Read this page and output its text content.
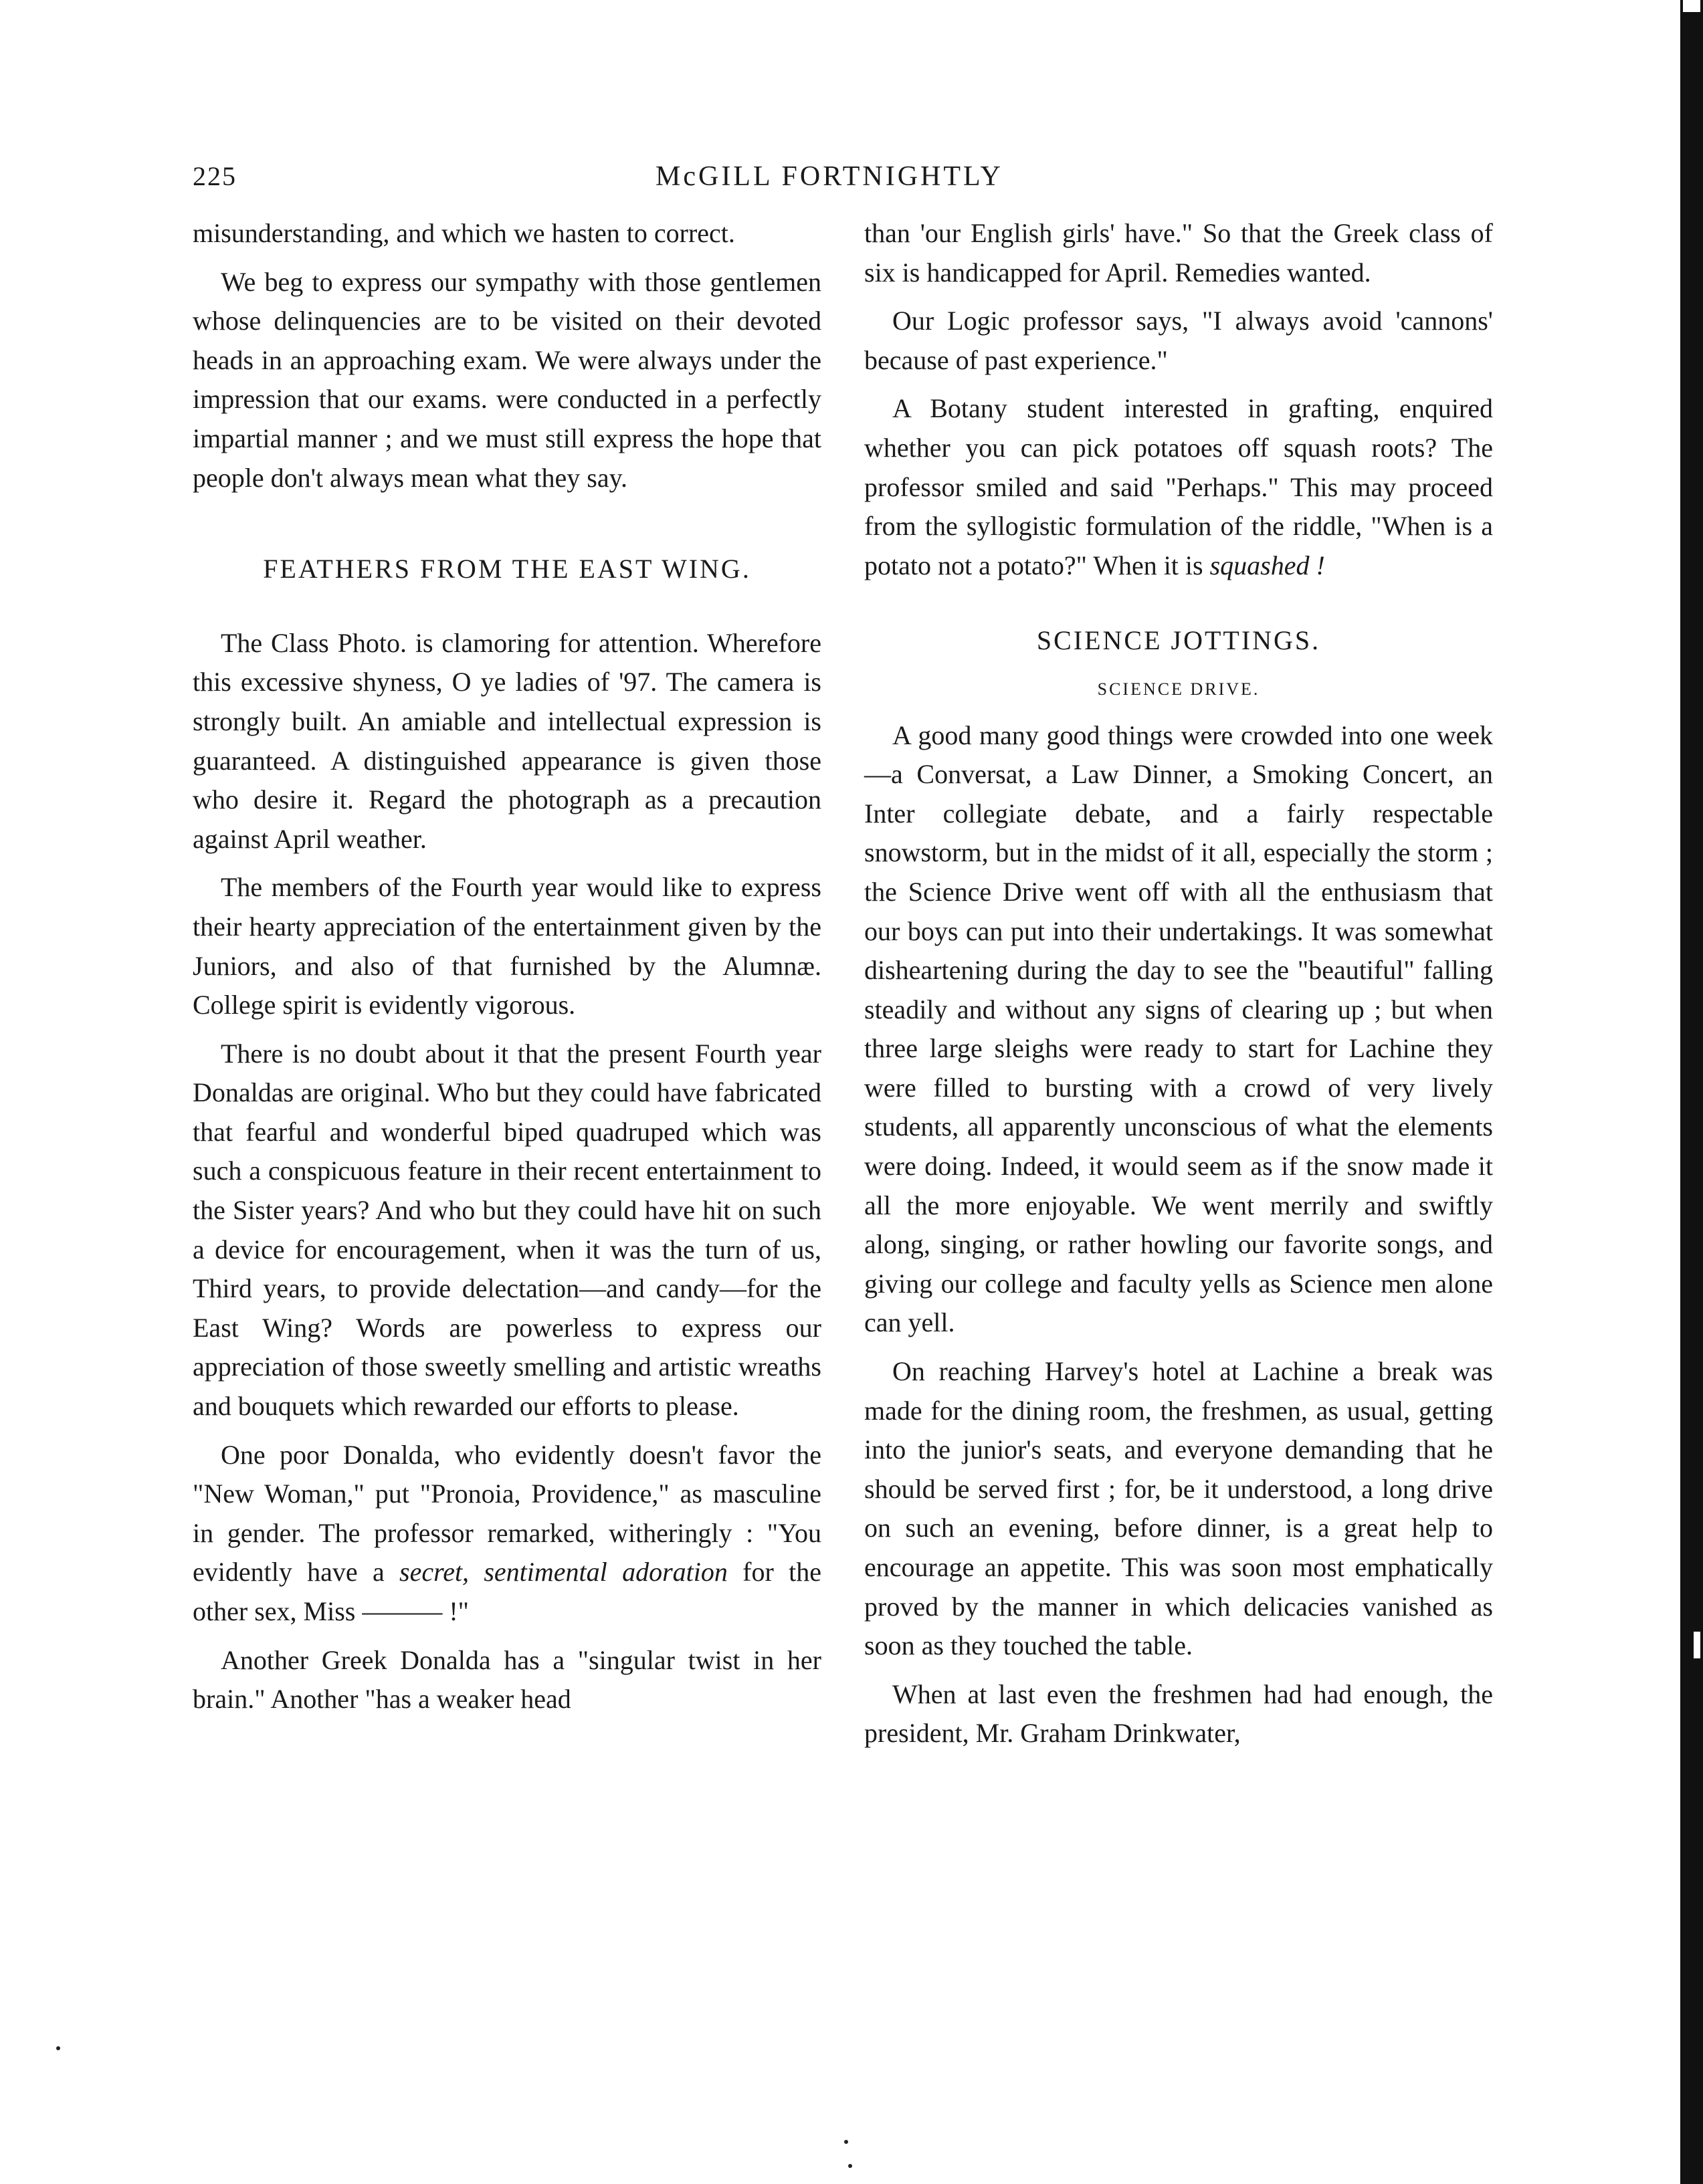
225	McGILL FORTNIGHTLY

misunderstanding, and which we hasten to correct.

We beg to express our sympathy with those gentlemen whose delinquencies are to be visited on their devoted heads in an approaching exam. We were always under the impression that our exams. were conducted in a perfectly impartial manner ; and we must still express the hope that people don't always mean what they say.

FEATHERS FROM THE EAST WING.

The Class Photo. is clamoring for attention. Wherefore this excessive shyness, O ye ladies of '97. The camera is strongly built. An amiable and intellectual expression is guaranteed. A distinguished appearance is given those who desire it. Regard the photograph as a precaution against April weather.

The members of the Fourth year would like to express their hearty appreciation of the entertainment given by the Juniors, and also of that furnished by the Alumnæ. College spirit is evidently vigorous.

There is no doubt about it that the present Fourth year Donaldas are original. Who but they could have fabricated that fearful and wonderful biped quadruped which was such a conspicuous feature in their recent entertainment to the Sister years? And who but they could have hit on such a device for encouragement, when it was the turn of us, Third years, to provide delectation—and candy—for the East Wing? Words are powerless to express our appreciation of those sweetly smelling and artistic wreaths and bouquets which rewarded our efforts to please.

One poor Donalda, who evidently doesn't favor the "New Woman," put "Pronoia, Providence," as masculine in gender. The professor remarked, witheringly : "You evidently have a secret, sentimental adoration for the other sex, Miss ——— !"

Another Greek Donalda has a "singular twist in her brain." Another "has a weaker head

than 'our English girls' have." So that the Greek class of six is handicapped for April. Remedies wanted.

Our Logic professor says, "I always avoid 'cannons' because of past experience."

A Botany student interested in grafting, enquired whether you can pick potatoes off squash roots? The professor smiled and said "Perhaps." This may proceed from the syllogistic formulation of the riddle, "When is a potato not a potato?" When it is squashed !

SCIENCE JOTTINGS.
SCIENCE DRIVE.

A good many good things were crowded into one week—a Conversat, a Law Dinner, a Smoking Concert, an Inter collegiate debate, and a fairly respectable snowstorm, but in the midst of it all, especially the storm ; the Science Drive went off with all the enthusiasm that our boys can put into their undertakings. It was somewhat disheartening during the day to see the "beautiful" falling steadily and without any signs of clearing up ; but when three large sleighs were ready to start for Lachine they were filled to bursting with a crowd of very lively students, all apparently unconscious of what the elements were doing. Indeed, it would seem as if the snow made it all the more enjoyable. We went merrily and swiftly along, singing, or rather howling our favorite songs, and giving our college and faculty yells as Science men alone can yell.

On reaching Harvey's hotel at Lachine a break was made for the dining room, the freshmen, as usual, getting into the junior's seats, and everyone demanding that he should be served first ; for, be it understood, a long drive on such an evening, before dinner, is a great help to encourage an appetite. This was soon most emphatically proved by the manner in which delicacies vanished as soon as they touched the table.

When at last even the freshmen had had enough, the president, Mr. Graham Drinkwater,
